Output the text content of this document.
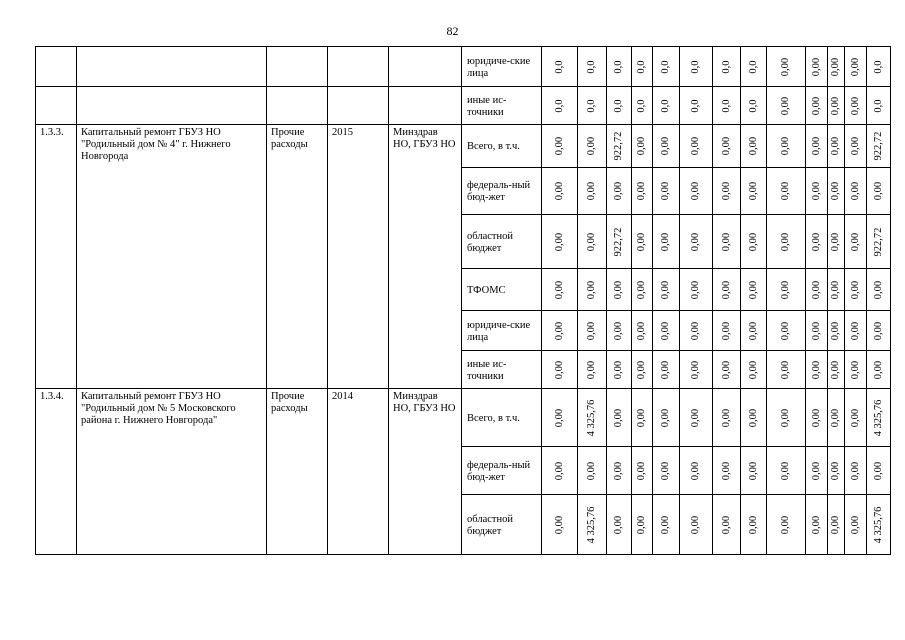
82
					юридиче-ские лица	0,0	0,0	0,0	0,0	0,0	0,0	0,0	0,0	0,00	0,00	0,00	0,00	0,0

					иные ис-точники	0,0	0,0	0,0	0,0	0,0	0,0	0,0	0,0	0,00	0,00	0,00	0,00	0,0

1.3.3.	Капитальный ремонт ГБУЗ НО "Родильный дом № 4" г. Нижнего Новгорода	Прочие расходы	2015	Минздрав НО, ГБУЗ НО	Всего, в т.ч.	0,00	0,00	922,72	0,00	0,00	0,00	0,00	0,00	0,00	0,00	0,00	0,00	922,72

					федераль-ный бюд-жет	0,00	0,00	0,00	0,00	0,00	0,00	0,00	0,00	0,00	0,00	0,00	0,00	0,00

					областной бюджет	0,00	0,00	922,72	0,00	0,00	0,00	0,00	0,00	0,00	0,00	0,00	0,00	922,72

					ТФОМС	0,00	0,00	0,00	0,00	0,00	0,00	0,00	0,00	0,00	0,00	0,00	0,00	0,00

					юридиче-ские лица	0,00	0,00	0,00	0,00	0,00	0,00	0,00	0,00	0,00	0,00	0,00	0,00	0,00

					иные ис-точники	0,00	0,00	0,00	0,00	0,00	0,00	0,00	0,00	0,00	0,00	0,00	0,00	0,00

1.3.4.	Капитальный ремонт ГБУЗ НО "Родильный дом № 5 Московского района г. Нижнего Новгорода"	Прочие расходы	2014	Минздрав НО, ГБУЗ НО	Всего, в т.ч.	0,00	4 325,76	0,00	0,00	0,00	0,00	0,00	0,00	0,00	0,00	0,00	0,00	4 325,76

					федераль-ный бюд-жет	0,00	0,00	0,00	0,00	0,00	0,00	0,00	0,00	0,00	0,00	0,00	0,00	0,00

					областной бюджет	0,00	4 325,76	0,00	0,00	0,00	0,00	0,00	0,00	0,00	0,00	0,00	0,00	4 325,76
